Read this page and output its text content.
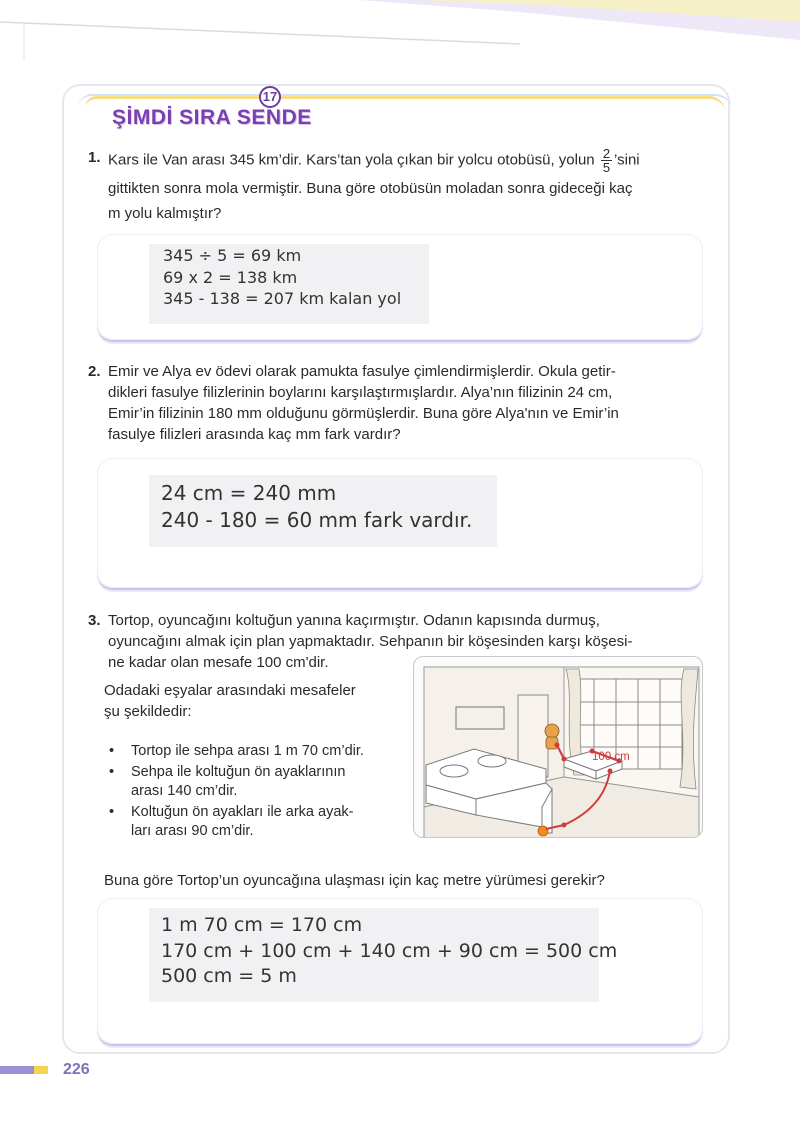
17
ŞİMDİ SIRA SENDE
1. Kars ile Van arası 345 km’dir. Kars’tan yola çıkan bir yolcu otobüsü, yolun $\frac{2}{5}$ ’sini
gittikten sonra mola vermiştir. Buna göre otobüsün moladan sonra gideceği kaç
m yolu kalmıştır?
345 ÷ 5 = 69 km
69 x 2 = 138 km
345 - 138 = 207 km kalan yol
2. Emir ve Alya ev ödevi olarak pamukta fasulye çimlendirmişlerdir. Okula getir-
dikleri fasulye filizlerinin boylarını karşılaştırmışlardır. Alya’nın filizinin 24 cm,
Emir’in filizinin 180 mm olduğunu görmüşlerdir. Buna göre Alya'nın ve Emir’in
fasulye filizleri arasında kaç mm fark vardır?
24 cm = 240 mm
240 - 180 = 60 mm fark vardır.
3. Tortop, oyuncağını koltuğun yanına kaçırmıştır. Odanın kapısında durmuş,
oyuncağını almak için plan yapmaktadır. Sehpanın bir köşesinden karşı köşesi-
ne kadar olan mesafe 100 cm'dir.
Odadaki eşyalar arasındaki mesafeler
şu şekildedir:
• Tortop ile sehpa arası 1 m 70 cm’dir.
• Sehpa ile koltuğun ön ayaklarının
arası 140 cm’dir.
• Koltuğun ön ayakları ile arka ayak-
ları arası 90 cm’dir.
100 cm
Buna göre Tortop’un oyuncağına ulaşması için kaç metre yürümesi gerekir?
1 m 70 cm = 170 cm
170 cm + 100 cm + 140 cm + 90 cm = 500 cm
500 cm = 5 m
226
